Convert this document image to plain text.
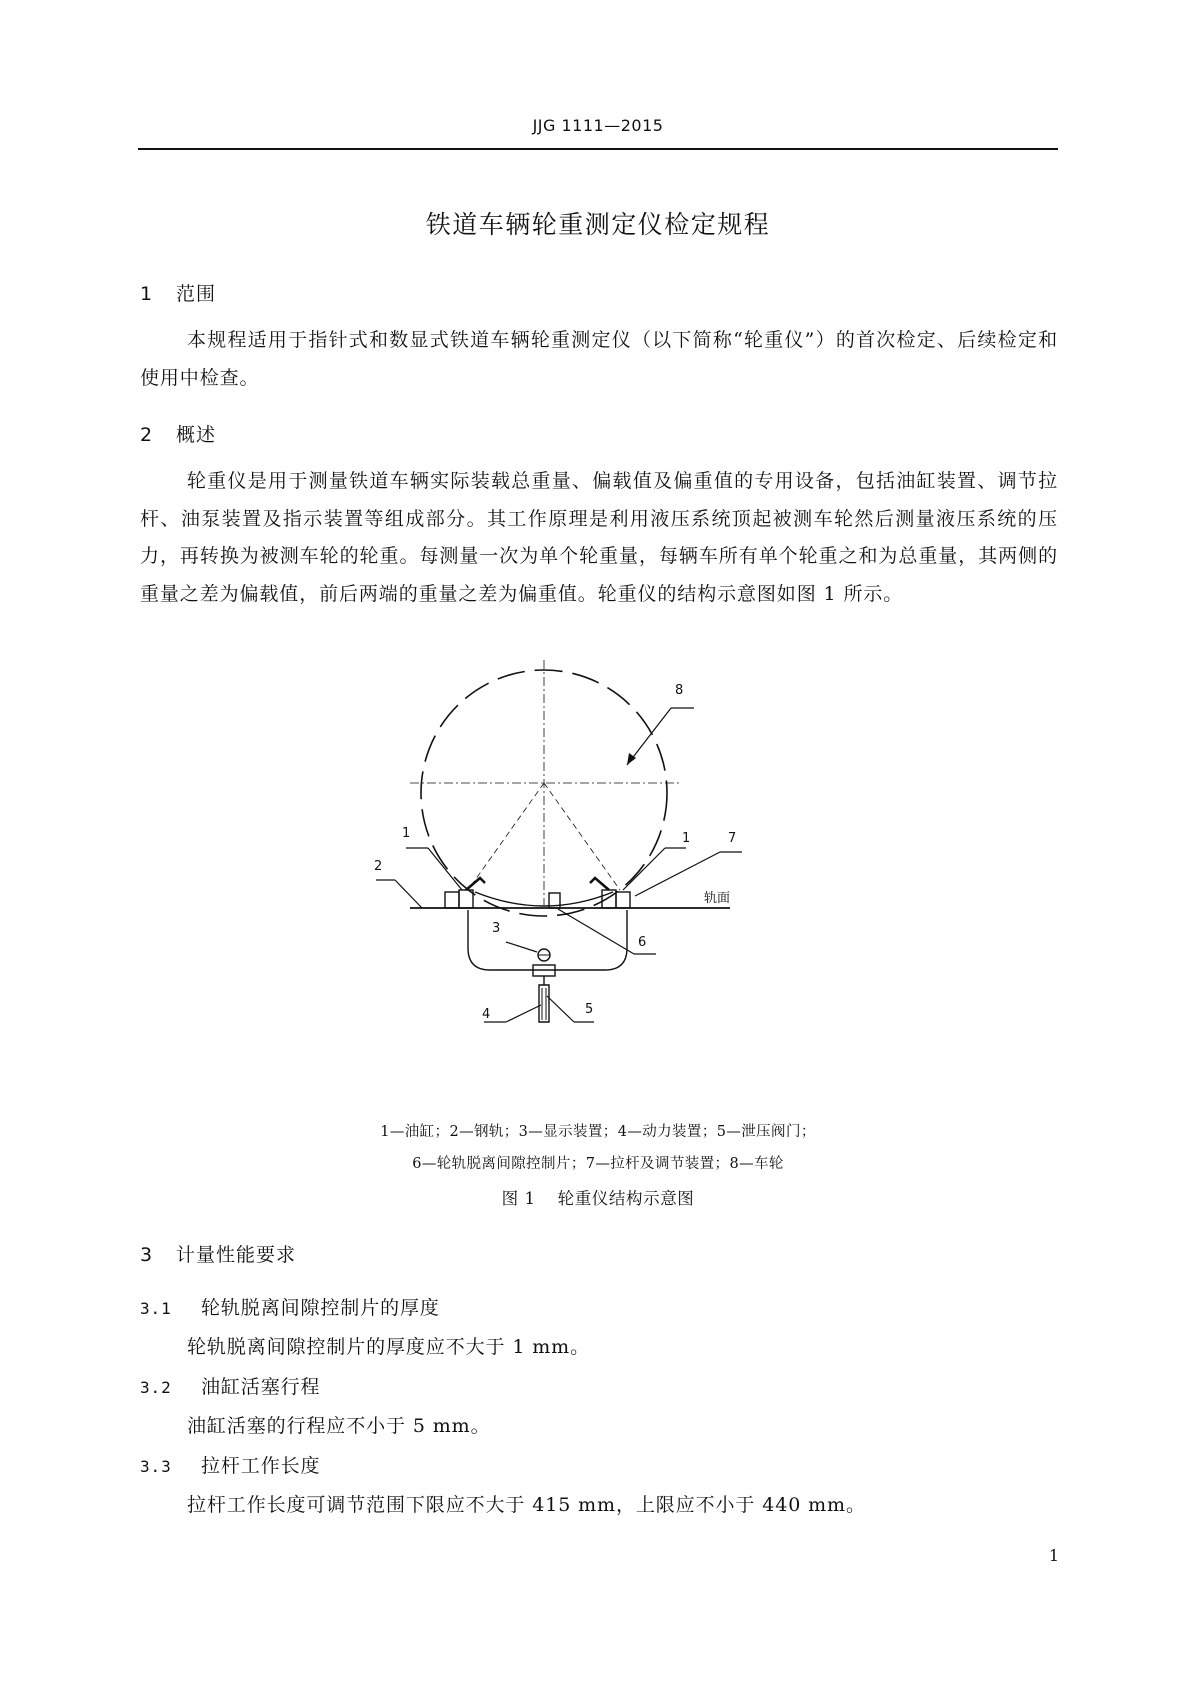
JJG 1111—2015
铁道车辆轮重测定仪检定规程
1 范围
本规程适用于指针式和数显式铁道车辆轮重测定仪（以下简称“轮重仪”）的首次检定、后续检定和使用中检查。
2 概述
轮重仪是用于测量铁道车辆实际装载总重量、偏载值及偏重值的专用设备，包括油缸装置、调节拉杆、油泵装置及指示装置等组成部分。其工作原理是利用液压系统顶起被测车轮然后测量液压系统的压力，再转换为被测车轮的轮重。每测量一次为单个轮重量，每辆车所有单个轮重之和为总重量，其两侧的重量之差为偏载值，前后两端的重量之差为偏重值。轮重仪的结构示意图如图 1 所示。
8
1	1	7
2
轨面
6
3
4	5
1—油缸；2—钢轨；3—显示装置；4—动力装置；5—泄压阀门；
6—轮轨脱离间隙控制片；7—拉杆及调节装置；8—车轮
图 1 轮重仪结构示意图
3 计量性能要求
3.1 轮轨脱离间隙控制片的厚度
轮轨脱离间隙控制片的厚度应不大于 1 mm。
3.2 油缸活塞行程
油缸活塞的行程应不小于 5 mm。
3.3 拉杆工作长度
拉杆工作长度可调节范围下限应不大于 415 mm，上限应不小于 440 mm。
1
